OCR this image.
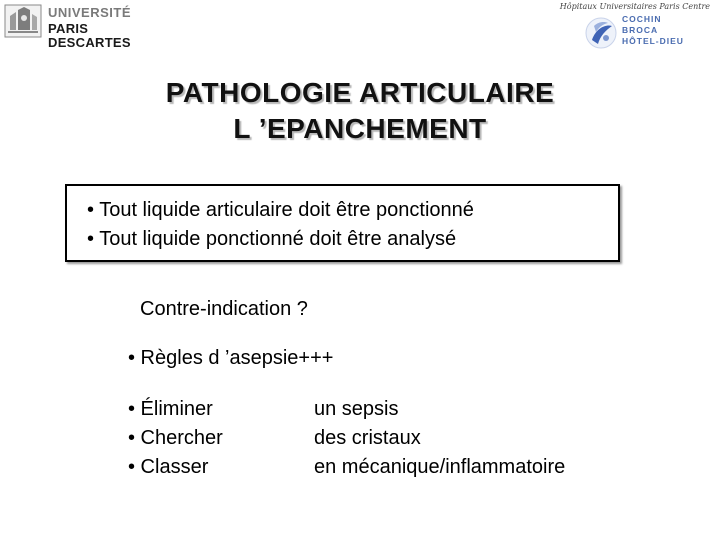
UNIVERSITÉ
PARIS DESCARTES
Hôpitaux Universitaires Paris Centre
COCHIN
BROCA
HÔTEL-DIEU
PATHOLOGIE ARTICULAIRE
L ’EPANCHEMENT
• Tout liquide articulaire doit être ponctionné
• Tout liquide ponctionné doit être analysé
Contre-indication ?
• Règles d ’asepsie+++
• Éliminer	un sepsis
• Chercher	des cristaux
• Classer	en mécanique/inflammatoire
